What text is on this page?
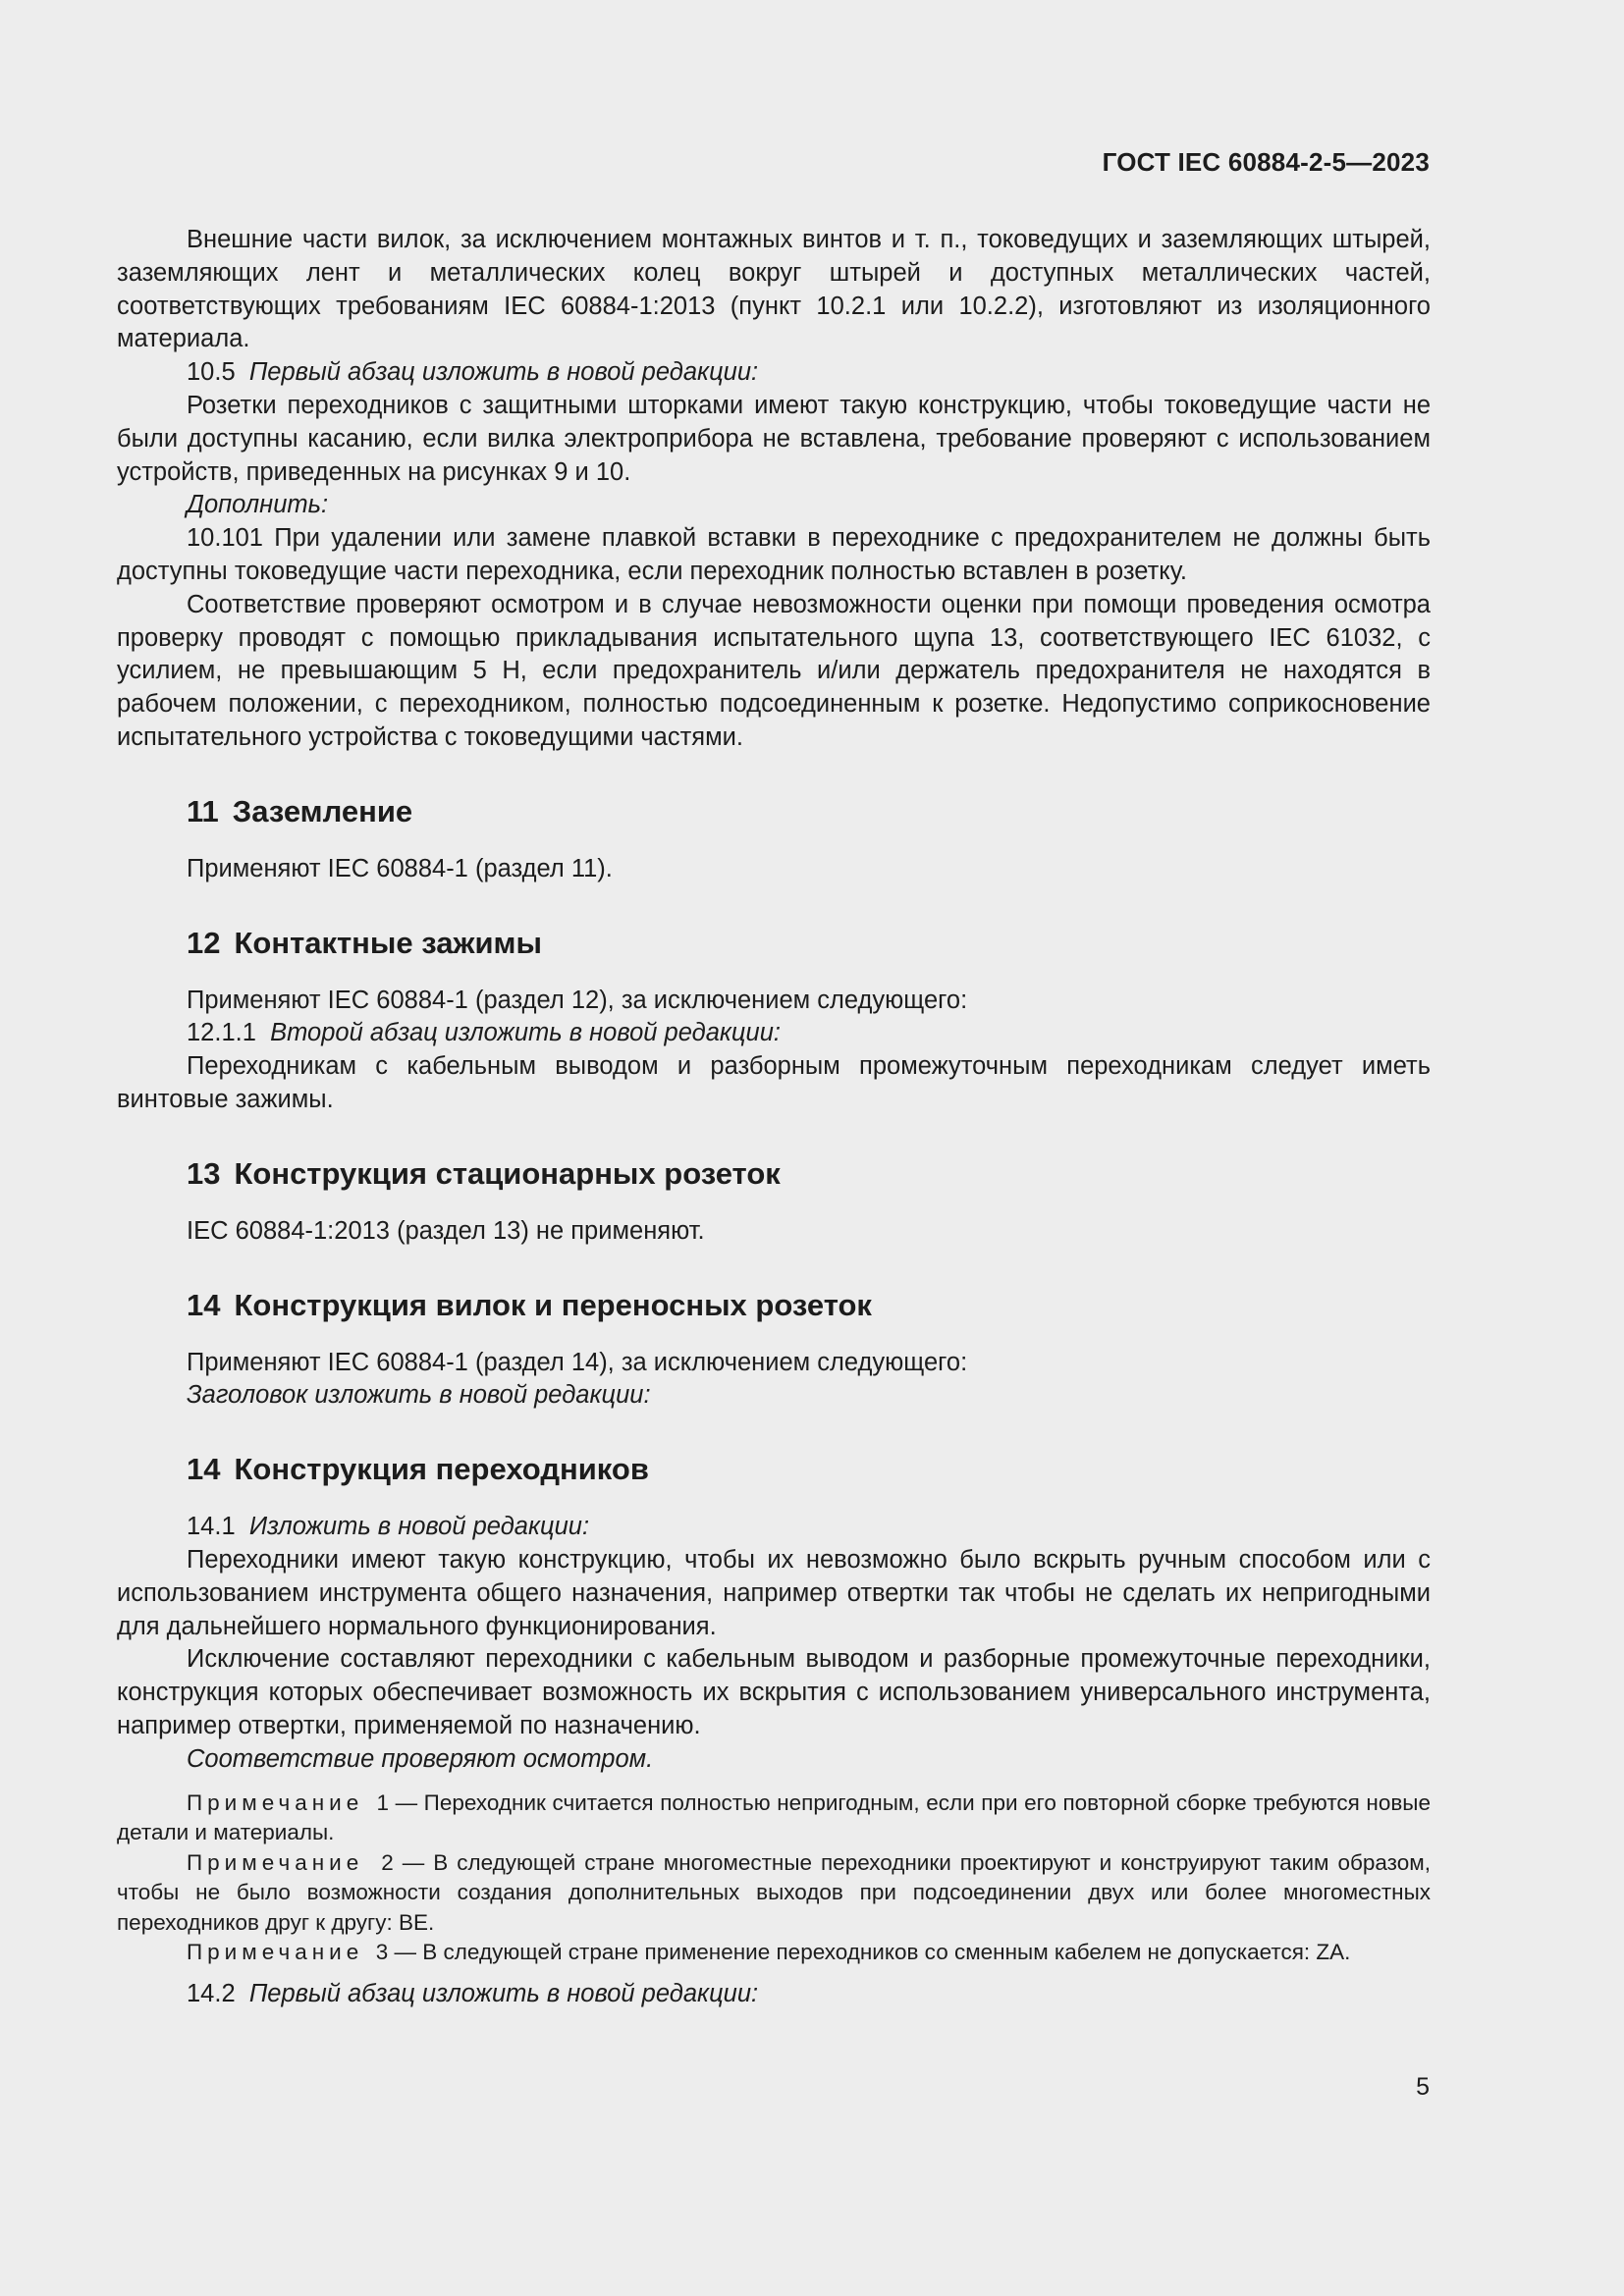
ГОСТ IEC 60884-2-5—2023

Внешние части вилок, за исключением монтажных винтов и т. п., токоведущих и заземляющих штырей, заземляющих лент и металлических колец вокруг штырей и доступных металлических частей, соответствующих требованиям IEC 60884-1:2013 (пункт 10.2.1 или 10.2.2), изготовляют из изоляционного материала.

10.5 Первый абзац изложить в новой редакции:

Розетки переходников с защитными шторками имеют такую конструкцию, чтобы токоведущие части не были доступны касанию, если вилка электроприбора не вставлена, требование проверяют с использованием устройств, приведенных на рисунках 9 и 10.

Дополнить:

10.101 При удалении или замене плавкой вставки в переходнике с предохранителем не должны быть доступны токоведущие части переходника, если переходник полностью вставлен в розетку.

Соответствие проверяют осмотром и в случае невозможности оценки при помощи проведения осмотра проверку проводят с помощью прикладывания испытательного щупа 13, соответствующего IEC 61032, с усилием, не превышающим 5 Н, если предохранитель и/или держатель предохранителя не находятся в рабочем положении, с переходником, полностью подсоединенным к розетке. Недопустимо соприкосновение испытательного устройства с токоведущими частями.

11 Заземление

Применяют IEC 60884-1 (раздел 11).

12 Контактные зажимы

Применяют IEC 60884-1 (раздел 12), за исключением следующего:

12.1.1 Второй абзац изложить в новой редакции:

Переходникам с кабельным выводом и разборным промежуточным переходникам следует иметь винтовые зажимы.

13 Конструкция стационарных розеток

IEC 60884-1:2013 (раздел 13) не применяют.

14 Конструкция вилок и переносных розеток

Применяют IEC 60884-1 (раздел 14), за исключением следующего:

Заголовок изложить в новой редакции:

14 Конструкция переходников

14.1 Изложить в новой редакции:

Переходники имеют такую конструкцию, чтобы их невозможно было вскрыть ручным способом или с использованием инструмента общего назначения, например отвертки так чтобы не сделать их непригодными для дальнейшего нормального функционирования.

Исключение составляют переходники с кабельным выводом и разборные промежуточные переходники, конструкция которых обеспечивает возможность их вскрытия с использованием универсального инструмента, например отвертки, применяемой по назначению.

Соответствие проверяют осмотром.

Примечание 1 — Переходник считается полностью непригодным, если при его повторной сборке требуются новые детали и материалы.

Примечание 2 — В следующей стране многоместные переходники проектируют и конструируют таким образом, чтобы не было возможности создания дополнительных выходов при подсоединении двух или более многоместных переходников друг к другу: BE.

Примечание 3 — В следующей стране применение переходников со сменным кабелем не допускается: ZA.

14.2 Первый абзац изложить в новой редакции:

5
